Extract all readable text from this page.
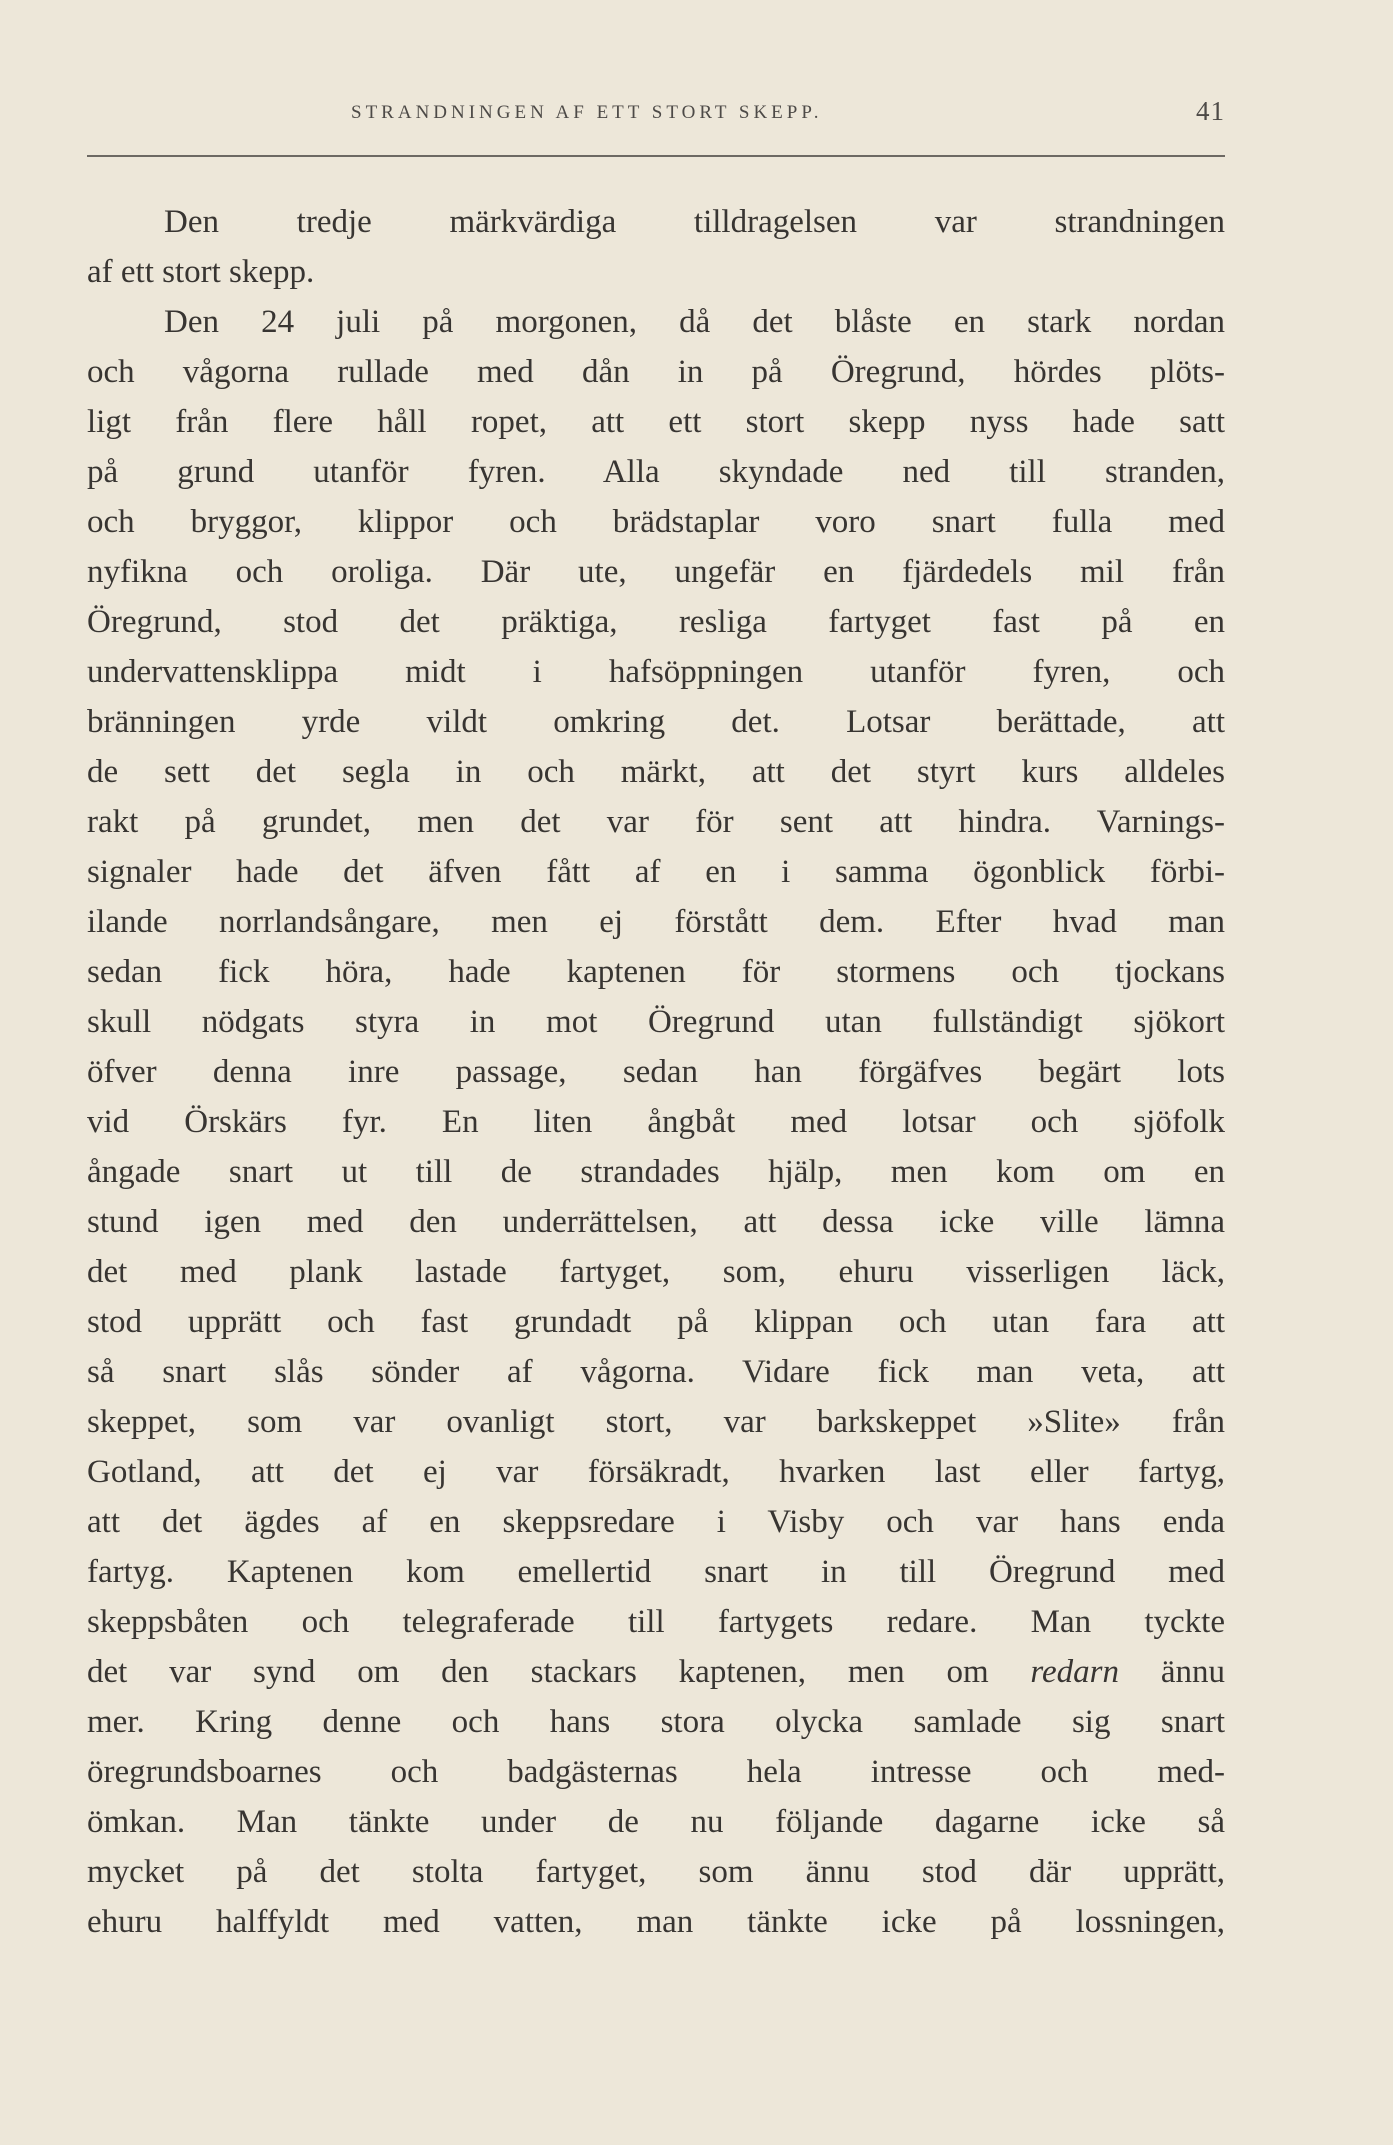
STRANDNINGEN AF ETT STORT SKEPP.	41
Den tredje märkvärdiga tilldragelsen var strandningen
af ett stort skepp.
Den 24 juli på morgonen, då det blåste en stark nordan
och vågorna rullade med dån in på Öregrund, hördes plöts-
ligt från flere håll ropet, att ett stort skepp nyss hade satt
på grund utanför fyren. Alla skyndade ned till stranden,
och bryggor, klippor och brädstaplar voro snart fulla med
nyfikna och oroliga. Där ute, ungefär en fjärdedels mil från
Öregrund, stod det präktiga, resliga fartyget fast på en
undervattensklippa midt i hafsöppningen utanför fyren, och
bränningen yrde vildt omkring det. Lotsar berättade, att
de sett det segla in och märkt, att det styrt kurs alldeles
rakt på grundet, men det var för sent att hindra. Varnings-
signaler hade det äfven fått af en i samma ögonblick förbi-
ilande norrlandsångare, men ej förstått dem. Efter hvad man
sedan fick höra, hade kaptenen för stormens och tjockans
skull nödgats styra in mot Öregrund utan fullständigt sjökort
öfver denna inre passage, sedan han förgäfves begärt lots
vid Örskärs fyr. En liten ångbåt med lotsar och sjöfolk
ångade snart ut till de strandades hjälp, men kom om en
stund igen med den underrättelsen, att dessa icke ville lämna
det med plank lastade fartyget, som, ehuru visserligen läck,
stod upprätt och fast grundadt på klippan och utan fara att
så snart slås sönder af vågorna. Vidare fick man veta, att
skeppet, som var ovanligt stort, var barkskeppet »Slite» från
Gotland, att det ej var försäkradt, hvarken last eller fartyg,
att det ägdes af en skeppsredare i Visby och var hans enda
fartyg. Kaptenen kom emellertid snart in till Öregrund med
skeppsbåten och telegraferade till fartygets redare. Man tyckte
det var synd om den stackars kaptenen, men om redarn ännu
mer. Kring denne och hans stora olycka samlade sig snart
öregrundsboarnes och badgästernas hela intresse och med-
ömkan. Man tänkte under de nu följande dagarne icke så
mycket på det stolta fartyget, som ännu stod där upprätt,
ehuru halffyldt med vatten, man tänkte icke på lossningen,
